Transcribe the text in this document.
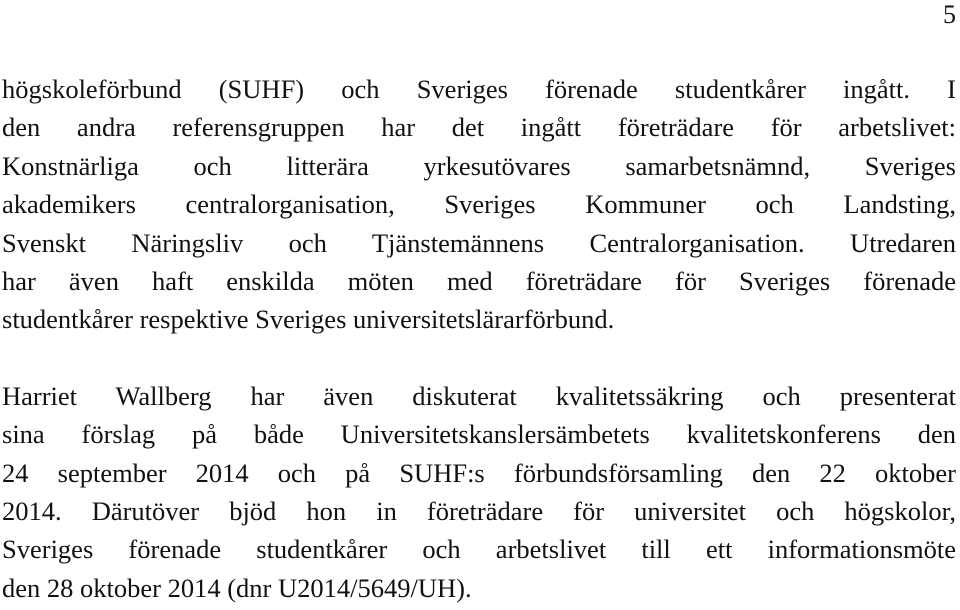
5
högskoleförbund (SUHF) och Sveriges förenade studentkårer ingått. I
den andra referensgruppen har det ingått företrädare för arbetslivet:
Konstnärliga och litterära yrkesutövares samarbetsnämnd, Sveriges
akademikers centralorganisation, Sveriges Kommuner och Landsting,
Svenskt Näringsliv och Tjänstemännens Centralorganisation. Utredaren
har även haft enskilda möten med företrädare för Sveriges förenade
studentkårer respektive Sveriges universitetslärarförbund.
Harriet Wallberg har även diskuterat kvalitetssäkring och presenterat
sina förslag på både Universitetskanslersämbetets kvalitetskonferens den
24 september 2014 och på SUHF:s förbundsförsamling den 22 oktober
2014. Därutöver bjöd hon in företrädare för universitet och högskolor,
Sveriges förenade studentkårer och arbetslivet till ett informationsmöte
den 28 oktober 2014 (dnr U2014/5649/UH).
